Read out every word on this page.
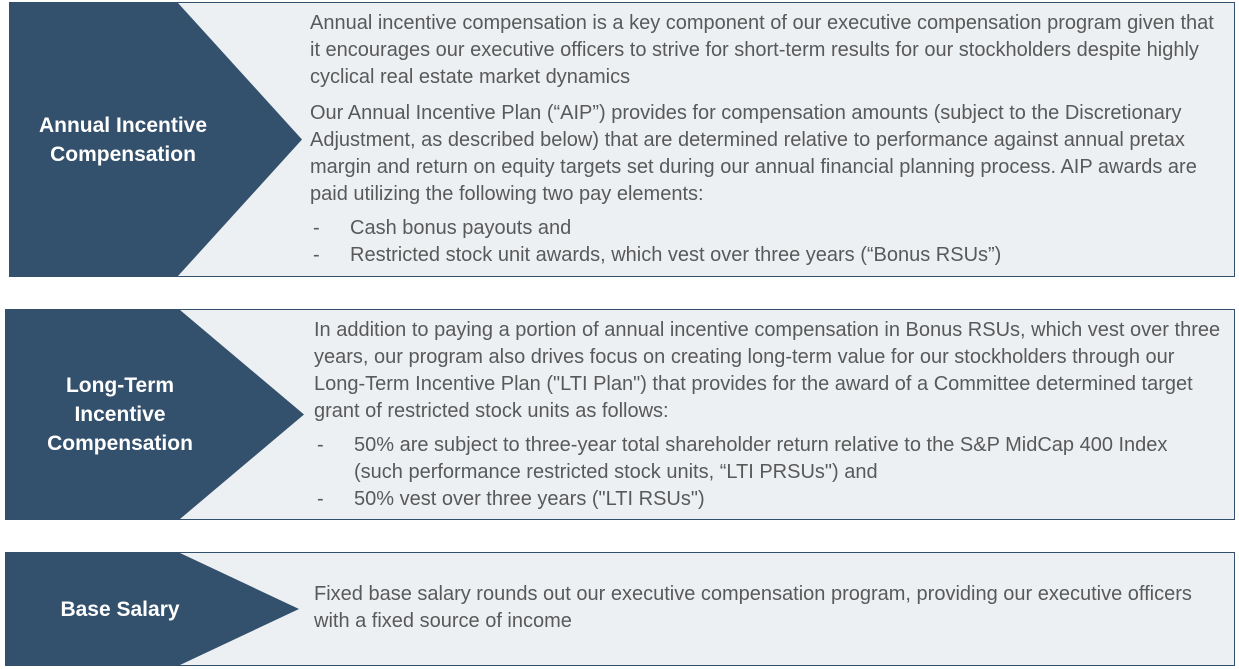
Annual Incentive Compensation

Annual incentive compensation is a key component of our executive compensation program given that it encourages our executive officers to strive for short-term results for our stockholders despite highly cyclical real estate market dynamics

Our Annual Incentive Plan (“AIP”) provides for compensation amounts (subject to the Discretionary Adjustment, as described below) that are determined relative to performance against annual pretax margin and return on equity targets set during our annual financial planning process. AIP awards are paid utilizing the following two pay elements:

- Cash bonus payouts and
- Restricted stock unit awards, which vest over three years (“Bonus RSUs”)
Long-Term Incentive Compensation

In addition to paying a portion of annual incentive compensation in Bonus RSUs, which vest over three years, our program also drives focus on creating long-term value for our stockholders through our Long-Term Incentive Plan ("LTI Plan") that provides for the award of a Committee determined target grant of restricted stock units as follows:

- 50% are subject to three-year total shareholder return relative to the S&P MidCap 400 Index (such performance restricted stock units, “LTI PRSUs") and
- 50% vest over three years ("LTI RSUs")
Base Salary

Fixed base salary rounds out our executive compensation program, providing our executive officers with a fixed source of income
